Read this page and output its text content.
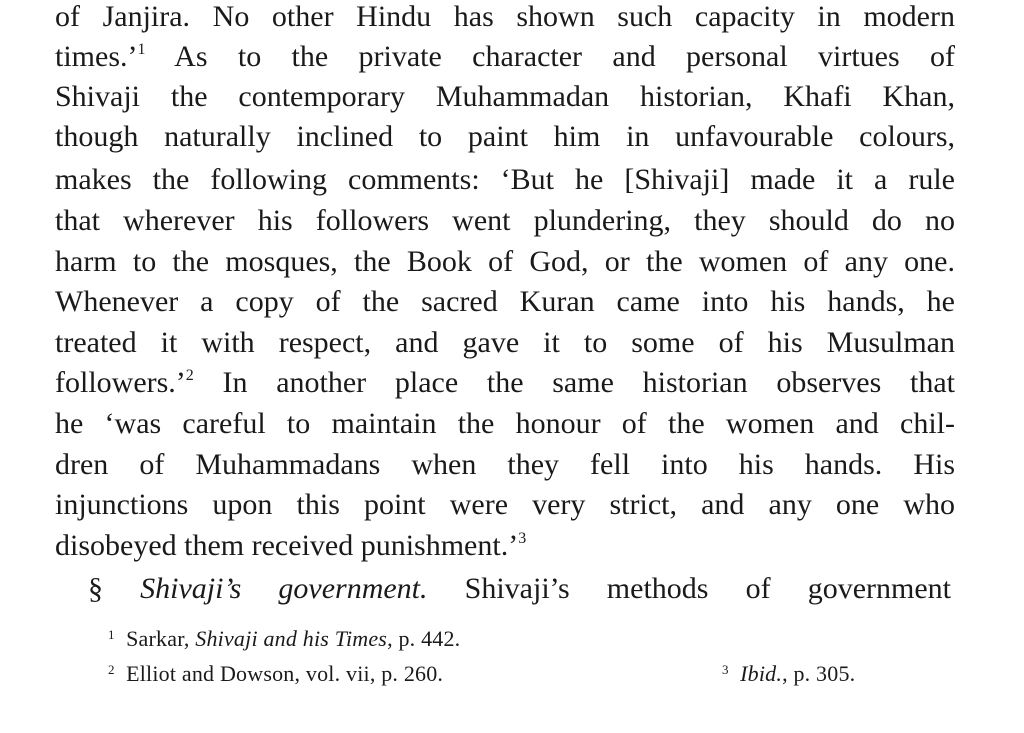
of Janjira. No other Hindu has shown such capacity in modern
times.’$^1$ As to the private character and personal virtues of
Shivaji the contemporary Muhammadan historian, Khafi Khan,
though naturally inclined to paint him in unfavourable colours,
makes the following comments: ‘But he [Shivaji] made it a rule
that wherever his followers went plundering, they should do no
harm to the mosques, the Book of God, or the women of any one.
Whenever a copy of the sacred Kuran came into his hands, he
treated it with respect, and gave it to some of his Musulman
followers.’$^2$ In another place the same historian observes that
he ‘was careful to maintain the honour of the women and chil-
dren of Muhammadans when they fell into his hands. His
injunctions upon this point were very strict, and any one who
disobeyed them received punishment.’$^3$
§ Shivaji’s government. Shivaji’s methods of government
$^1$ Sarkar, Shivaji and his Times, p. 442.
$^2$ Elliot and Dowson, vol. vii, p. 260.	$^3$ Ibid., p. 305.
